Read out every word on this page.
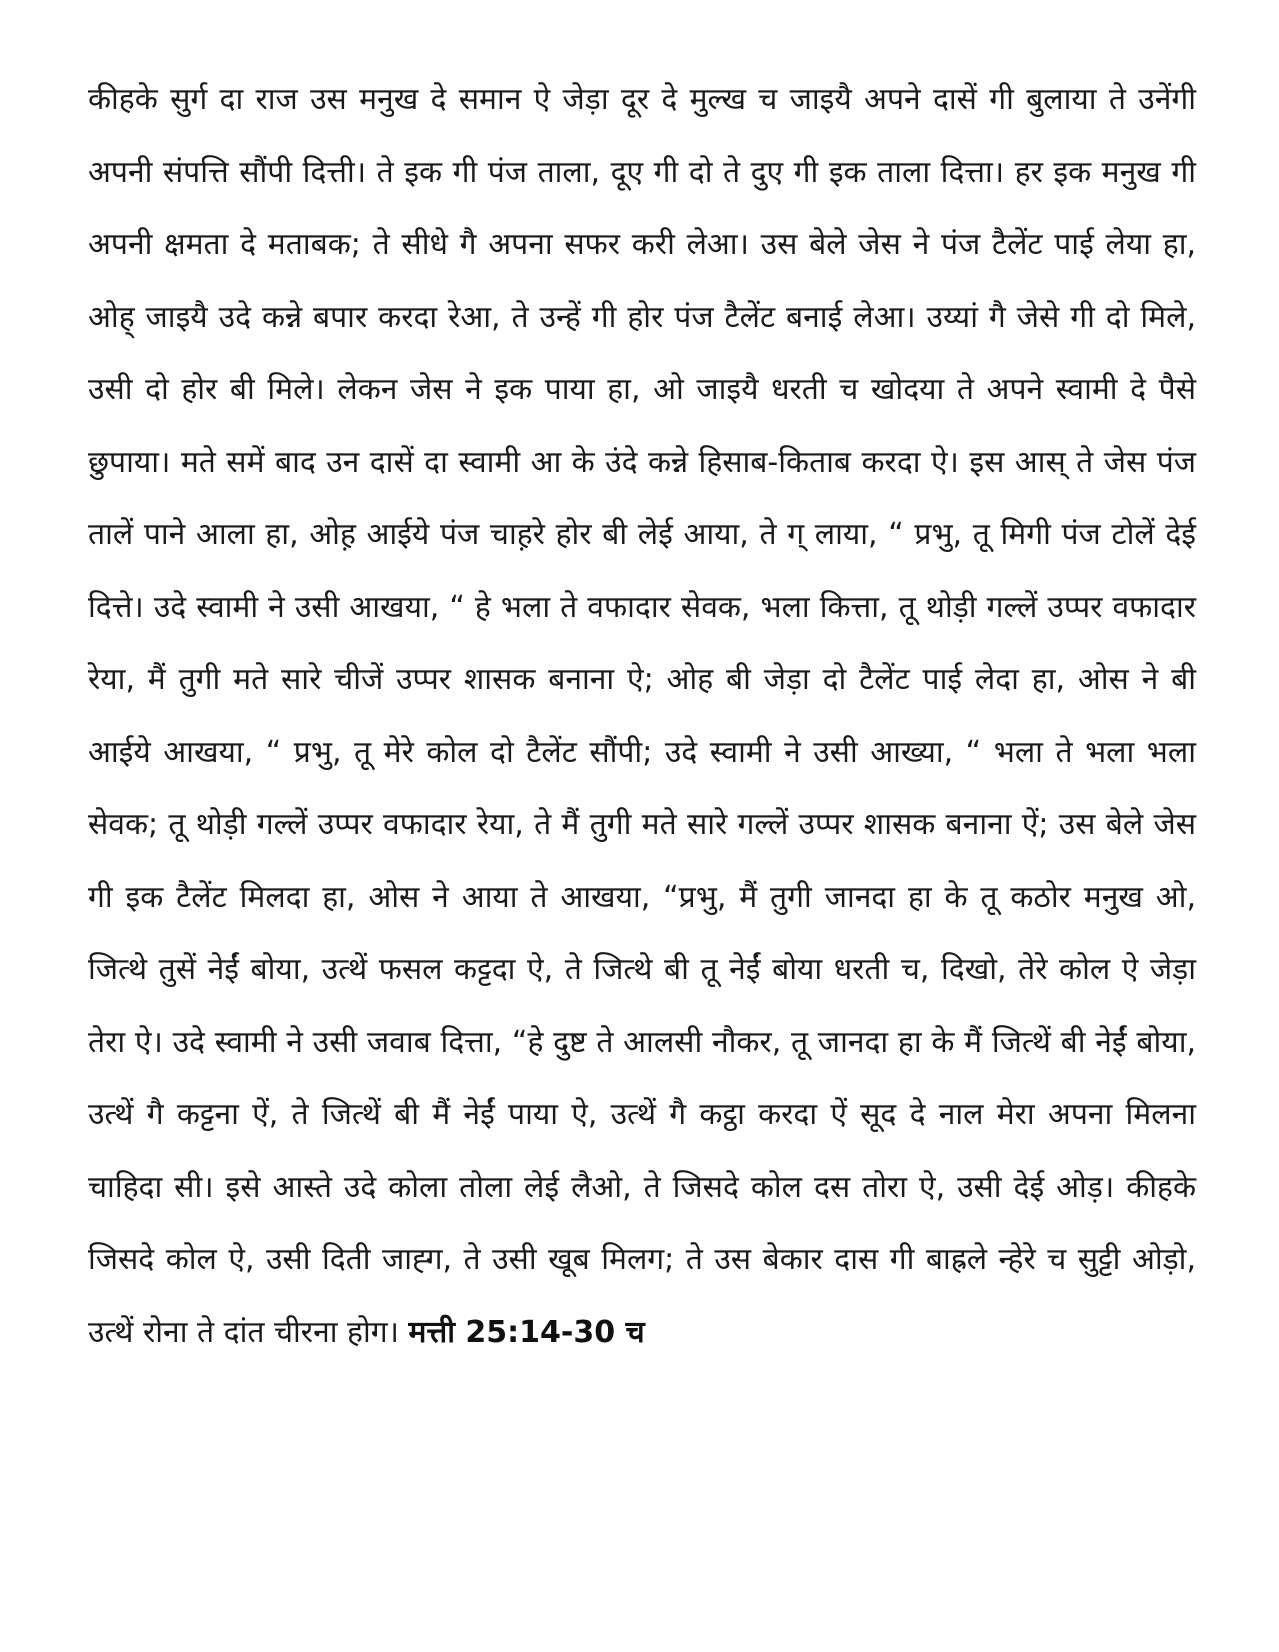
कीहके सुर्ग दा राज उस मनुख दे समान ऐ जेड़ा दूर दे मुल्ख च जाइयै अपने दासें गी बुलाया ते उनेंगी अपनी संपत्ति सौंपी दित्ती। ते इक गी पंज ताला, दूए गी दो ते दुए गी इक ताला दित्ता। हर इक मनुख गी अपनी क्षमता दे मताबक; ते सीधे गै अपना सफर करी लेआ। उस बेले जेस ने पंज टैलेंट पाई लेया हा, ओह् जाइयै उदे कन्ने बपार करदा रेआ, ते उन्हें गी होर पंज टैलेंट बनाई लेआ। उय्यां गै जेसे गी दो मिले, उसी दो होर बी मिले। लेकन जेस ने इक पाया हा, ओ जाइयै धरती च खोदया ते अपने स्वामी दे पैसे छुपाया। मते समें बाद उन दासें दा स्वामी आ के उंदे कन्ने हिसाब-किताब करदा ऐ। इस आस् ते जेस पंज तालें पाने आला हा, ओह़ आईये पंज चाह़रे होर बी लेई आया, ते ग् लाया, “ प्रभु, तू मिगी पंज टोलें देई दित्ते। उदे स्वामी ने उसी आखया, “ हे भला ते वफादार सेवक, भला कित्ता, तू थोड़ी गल्लें उप्पर वफादार रेया, मैं तुगी मते सारे चीजें उप्पर शासक बनाना ऐ; ओह बी जेड़ा दो टैलेंट पाई लेदा हा, ओस ने बी आईये आखया, “ प्रभु, तू मेरे कोल दो टैलेंट सौंपी; उदे स्वामी ने उसी आख्या, “ भला ते भला भला सेवक; तू थोड़ी गल्लें उप्पर वफादार रेया, ते मैं तुगी मते सारे गल्लें उप्पर शासक बनाना ऐं; उस बेले जेस गी इक टैलेंट मिलदा हा, ओस ने आया ते आखया, “प्रभु, मैं तुगी जानदा हा के तू कठोर मनुख ओ, जित्थे तुसें नेईं बोया, उत्थें फसल कट्टदा ऐ, ते जित्थे बी तू नेईं बोया धरती च, दिखो, तेरे कोल ऐ जेड़ा तेरा ऐ। उदे स्वामी ने उसी जवाब दित्ता, “हे दुष्ट ते आलसी नौकर, तू जानदा हा के मैं जित्थें बी नेईं बोया, उत्थें गै कट्टना ऐं, ते जित्थें बी मैं नेईं पाया ऐ, उत्थें गै कट्ठा करदा ऐं सूद दे नाल मेरा अपना मिलना चाहिदा सी। इसे आस्ते उदे कोला तोला लेई लैओ, ते जिसदे कोल दस तोरा ऐ, उसी देई ओड़। कीहके जिसदे कोल ऐ, उसी दिती जाह्ग, ते उसी खूब मिलग; ते उस बेकार दास गी बाह्रले न्हेरे च सुट्टी ओड़ो, उत्थें रोना ते दांत चीरना होग। मत्ती 25:14-30 च
